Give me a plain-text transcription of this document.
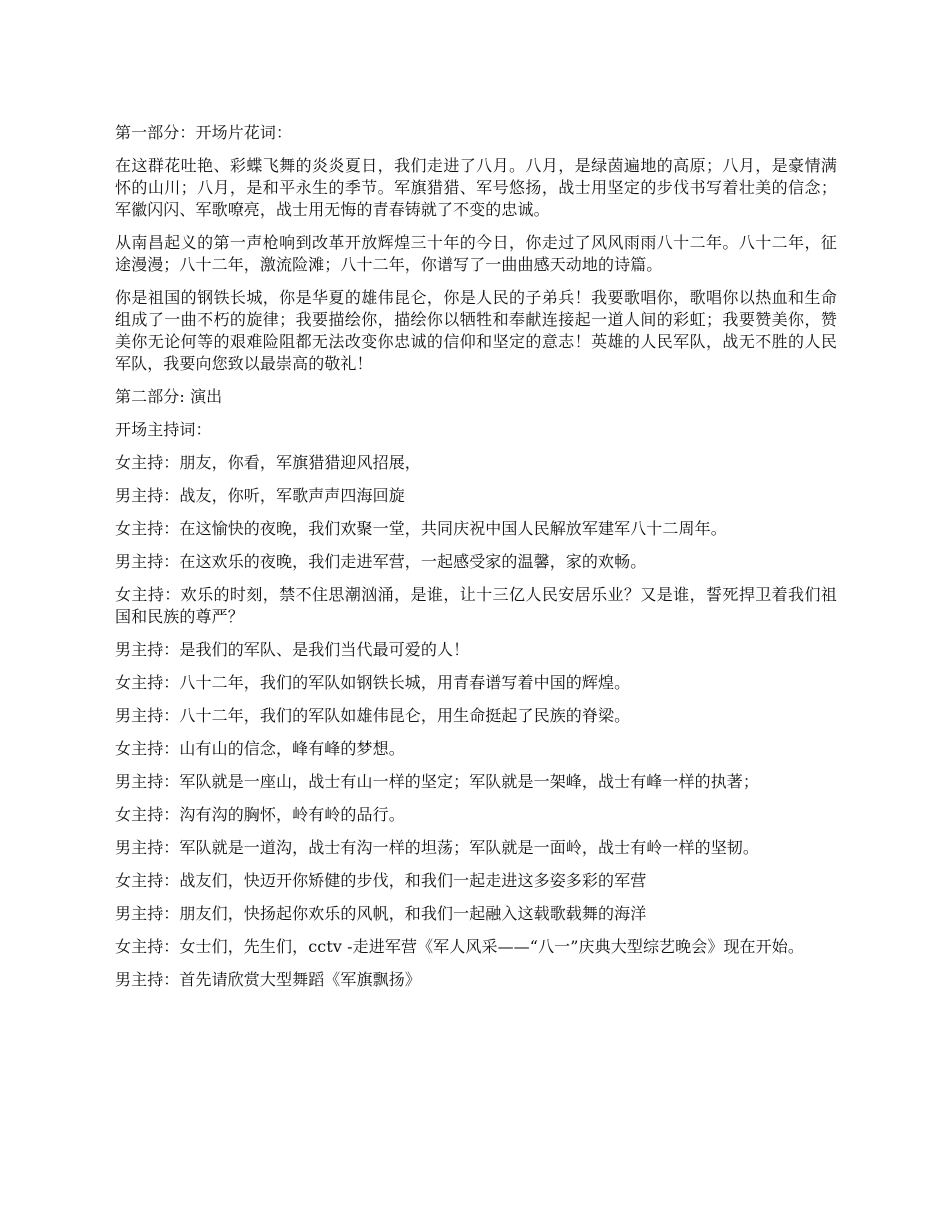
第一部分：开场片花词：

在这群花吐艳、彩蝶飞舞的炎炎夏日，我们走进了八月。八月，是绿茵遍地的高原；八月，是豪情满怀的山川；八月，是和平永生的季节。军旗猎猎、军号悠扬，战士用坚定的步伐书写着壮美的信念；军徽闪闪、军歌嘹亮，战士用无悔的青春铸就了不变的忠诚。

从南昌起义的第一声枪响到改革开放辉煌三十年的今日，你走过了风风雨雨八十二年。八十二年，征途漫漫；八十二年，激流险滩；八十二年，你谱写了一曲曲感天动地的诗篇。

你是祖国的钢铁长城，你是华夏的雄伟昆仑，你是人民的子弟兵！我要歌唱你，歌唱你以热血和生命组成了一曲不朽的旋律；我要描绘你，描绘你以牺牲和奉献连接起一道人间的彩虹；我要赞美你，赞美你无论何等的艰难险阻都无法改变你忠诚的信仰和坚定的意志！英雄的人民军队，战无不胜的人民军队，我要向您致以最崇高的敬礼！

第二部分: 演出

开场主持词：

女主持：朋友，你看，军旗猎猎迎风招展，

男主持：战友，你听，军歌声声四海回旋

女主持：在这愉快的夜晚，我们欢聚一堂，共同庆祝中国人民解放军建军八十二周年。

男主持：在这欢乐的夜晚，我们走进军营，一起感受家的温馨，家的欢畅。

女主持：欢乐的时刻，禁不住思潮汹涌，是谁，让十三亿人民安居乐业？又是谁，誓死捍卫着我们祖国和民族的尊严？

男主持：是我们的军队、是我们当代最可爱的人！

女主持：八十二年，我们的军队如钢铁长城，用青春谱写着中国的辉煌。

男主持：八十二年，我们的军队如雄伟昆仑，用生命挺起了民族的脊梁。

女主持：山有山的信念，峰有峰的梦想。

男主持：军队就是一座山，战士有山一样的坚定；军队就是一架峰，战士有峰一样的执著；

女主持：沟有沟的胸怀，岭有岭的品行。

男主持：军队就是一道沟，战士有沟一样的坦荡；军队就是一面岭，战士有岭一样的坚韧。

女主持：战友们，快迈开你矫健的步伐，和我们一起走进这多姿多彩的军营

男主持：朋友们，快扬起你欢乐的风帆，和我们一起融入这载歌载舞的海洋

女主持：女士们，先生们，cctv -走进军营《军人风采——“八一”庆典大型综艺晚会》现在开始。

男主持：首先请欣赏大型舞蹈《军旗飘扬》
